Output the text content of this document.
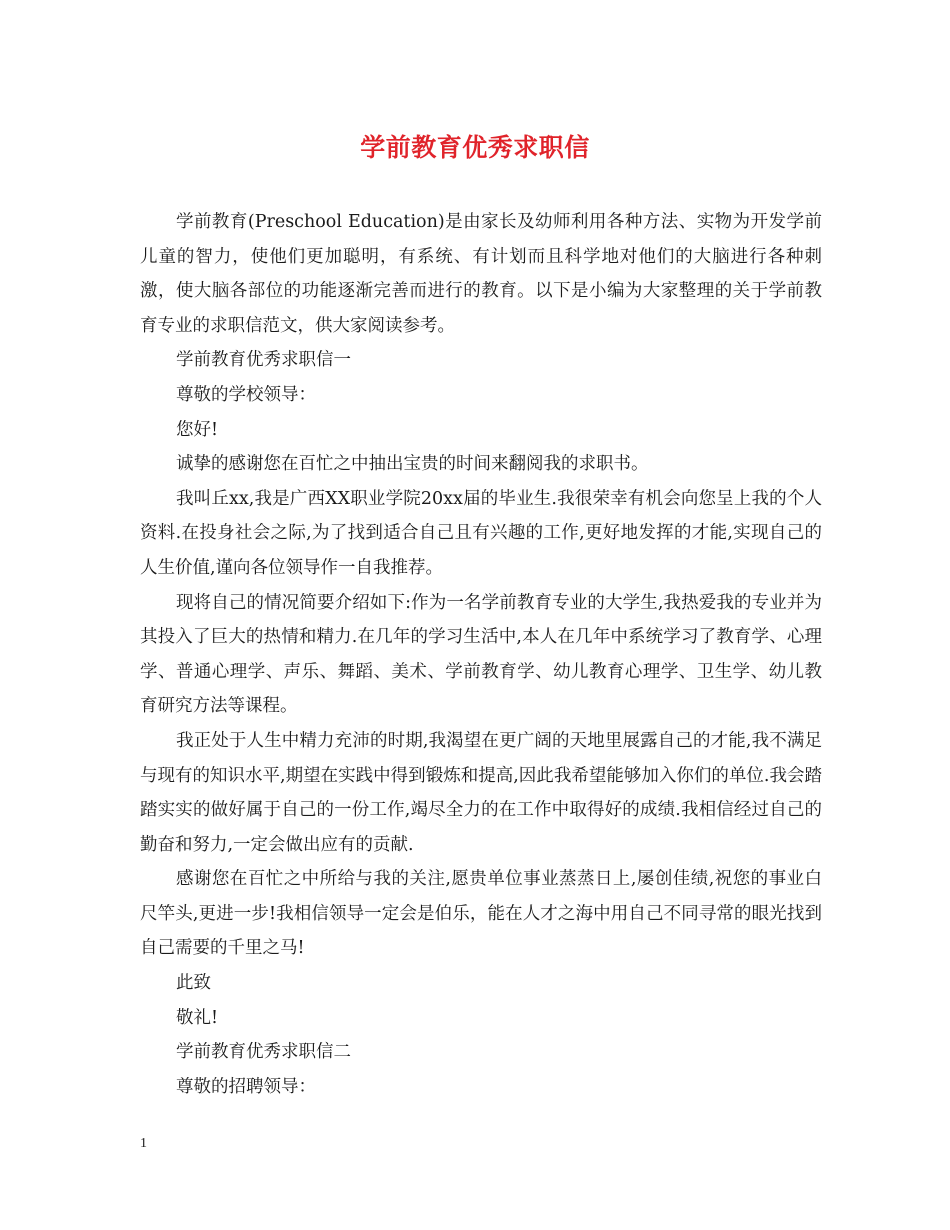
学前教育优秀求职信

学前教育(Preschool Education)是由家长及幼师利用各种方法、实物为开发学前儿童的智力，使他们更加聪明，有系统、有计划而且科学地对他们的大脑进行各种刺激，使大脑各部位的功能逐渐完善而进行的教育。以下是小编为大家整理的关于学前教育专业的求职信范文，供大家阅读参考。

学前教育优秀求职信一

尊敬的学校领导：

您好!

诚挚的感谢您在百忙之中抽出宝贵的时间来翻阅我的求职书。

我叫丘xx,我是广西XX职业学院20xx届的毕业生.我很荣幸有机会向您呈上我的个人资料.在投身社会之际,为了找到适合自己且有兴趣的工作,更好地发挥的才能,实现自己的人生价值,谨向各位领导作一自我推荐。

现将自己的情况简要介绍如下:作为一名学前教育专业的大学生,我热爱我的专业并为其投入了巨大的热情和精力.在几年的学习生活中,本人在几年中系统学习了教育学、心理学、普通心理学、声乐、舞蹈、美术、学前教育学、幼儿教育心理学、卫生学、幼儿教育研究方法等课程。

我正处于人生中精力充沛的时期,我渴望在更广阔的天地里展露自己的才能,我不满足与现有的知识水平,期望在实践中得到锻炼和提高,因此我希望能够加入你们的单位.我会踏踏实实的做好属于自己的一份工作,竭尽全力的在工作中取得好的成绩.我相信经过自己的勤奋和努力,一定会做出应有的贡献.

感谢您在百忙之中所给与我的关注,愿贵单位事业蒸蒸日上,屡创佳绩,祝您的事业白尺竿头,更进一步!我相信领导一定会是伯乐，能在人才之海中用自己不同寻常的眼光找到自己需要的千里之马!

此致

敬礼!

学前教育优秀求职信二

尊敬的招聘领导：

1
